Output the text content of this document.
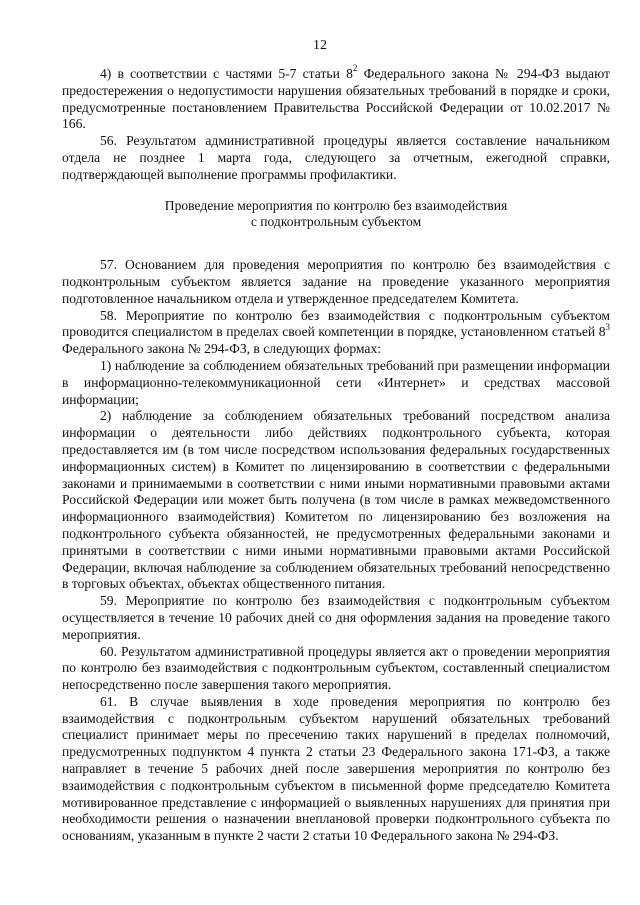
12

4) в соответствии с частями 5-7 статьи $8^2$ Федерального закона № 294-ФЗ выдают предостережения о недопустимости нарушения обязательных требований в порядке и сроки, предусмотренные постановлением Правительства Российской Федерации от 10.02.2017 № 166.

56. Результатом административной процедуры является составление начальником отдела не позднее 1 марта года, следующего за отчетным, ежегодной справки, подтверждающей выполнение программы профилактики.

Проведение мероприятия по контролю без взаимодействия
с подконтрольным субъектом

57. Основанием для проведения мероприятия по контролю без взаимодействия с подконтрольным субъектом является задание на проведение указанного мероприятия подготовленное начальником отдела и утвержденное председателем Комитета.

58. Мероприятие по контролю без взаимодействия с подконтрольным субъектом проводится специалистом в пределах своей компетенции в порядке, установленном статьей $8^3$ Федерального закона № 294-ФЗ, в следующих формах:

1) наблюдение за соблюдением обязательных требований при размещении информации в информационно-телекоммуникационной сети «Интернет» и средствах массовой информации;

2) наблюдение за соблюдением обязательных требований посредством анализа информации о деятельности либо действиях подконтрольного субъекта, которая предоставляется им (в том числе посредством использования федеральных государственных информационных систем) в Комитет по лицензированию в соответствии с федеральными законами и принимаемыми в соответствии с ними иными нормативными правовыми актами Российской Федерации или может быть получена (в том числе в рамках межведомственного информационного взаимодействия) Комитетом по лицензированию без возложения на подконтрольного субъекта обязанностей, не предусмотренных федеральными законами и принятыми в соответствии с ними иными нормативными правовыми актами Российской Федерации, включая наблюдение за соблюдением обязательных требований непосредственно в торговых объектах, объектах общественного питания.

59. Мероприятие по контролю без взаимодействия с подконтрольным субъектом осуществляется в течение 10 рабочих дней со дня оформления задания на проведение такого мероприятия.

60. Результатом административной процедуры является акт о проведении мероприятия по контролю без взаимодействия с подконтрольным субъектом, составленный специалистом непосредственно после завершения такого мероприятия.

61. В случае выявления в ходе проведения мероприятия по контролю без взаимодействия с подконтрольным субъектом нарушений обязательных требований специалист принимает меры по пресечению таких нарушений в пределах полномочий, предусмотренных подпунктом 4 пункта 2 статьи 23 Федерального закона 171-ФЗ, а также направляет в течение 5 рабочих дней после завершения мероприятия по контролю без взаимодействия с подконтрольным субъектом в письменной форме председателю Комитета мотивированное представление с информацией о выявленных нарушениях для принятия при необходимости решения о назначении внеплановой проверки подконтрольного субъекта по основаниям, указанным в пункте 2 части 2 статьи 10 Федерального закона № 294-ФЗ.
